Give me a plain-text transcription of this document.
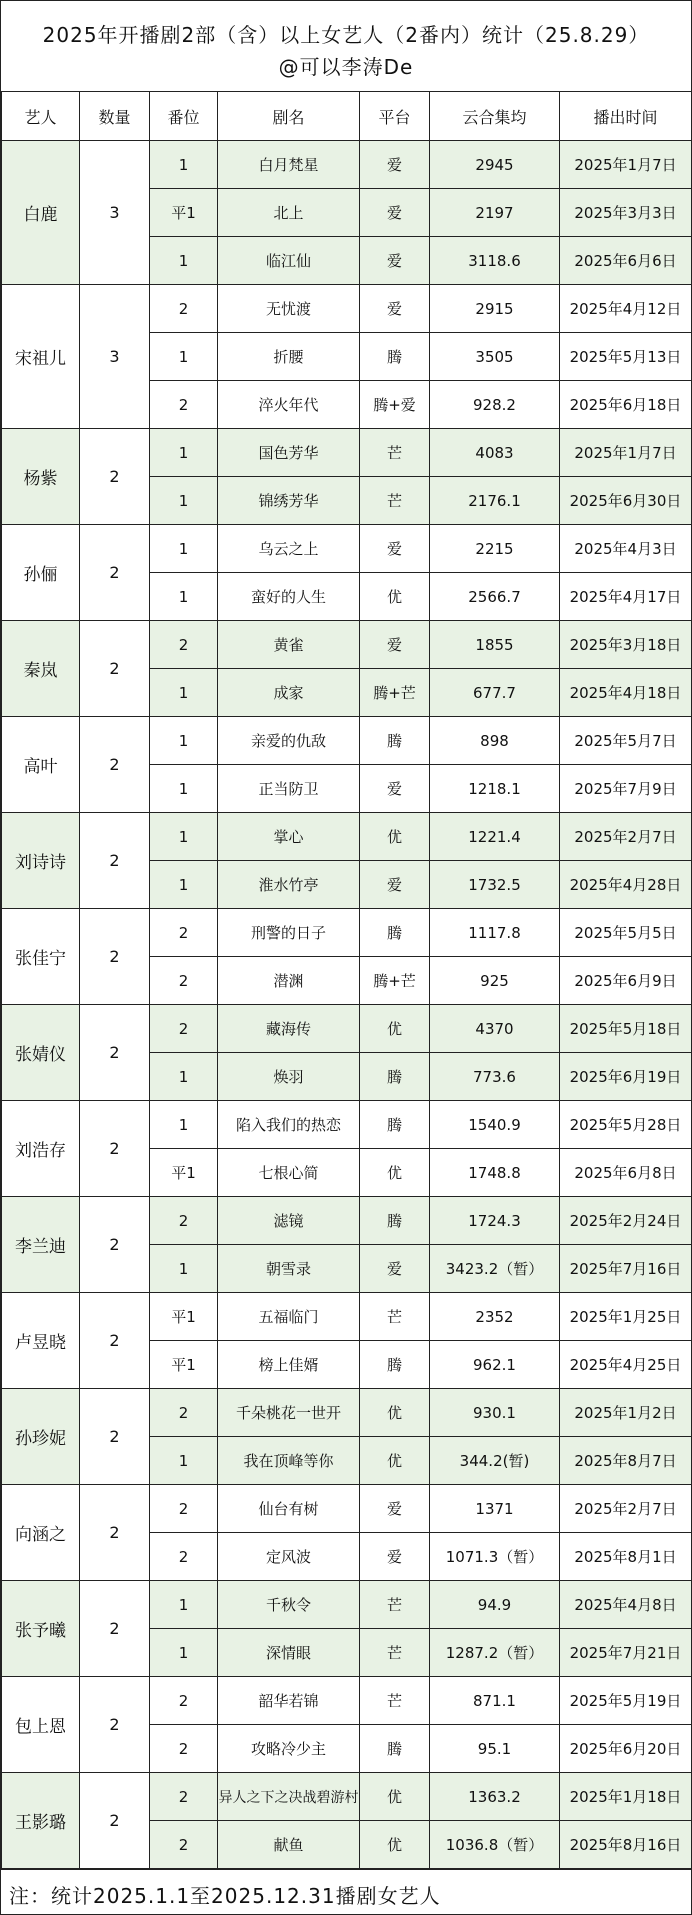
2025年开播剧2部（含）以上女艺人（2番内）统计（25.8.29）
@可以李涛De
艺人	数量	番位	剧名	平台	云合集均	播出时间
白鹿	3	1	白月梵星	爱	2945	2025年1月7日
		平1	北上	爱	2197	2025年3月3日
		1	临江仙	爱	3118.6	2025年6月6日
宋祖儿	3	2	无忧渡	爱	2915	2025年4月12日
		1	折腰	腾	3505	2025年5月13日
		2	淬火年代	腾+爱	928.2	2025年6月18日
杨紫	2	1	国色芳华	芒	4083	2025年1月7日
		1	锦绣芳华	芒	2176.1	2025年6月30日
孙俪	2	1	乌云之上	爱	2215	2025年4月3日
		1	蛮好的人生	优	2566.7	2025年4月17日
秦岚	2	2	黄雀	爱	1855	2025年3月18日
		1	成家	腾+芒	677.7	2025年4月18日
高叶	2	1	亲爱的仇敌	腾	898	2025年5月7日
		1	正当防卫	爱	1218.1	2025年7月9日
刘诗诗	2	1	掌心	优	1221.4	2025年2月7日
		1	淮水竹亭	爱	1732.5	2025年4月28日
张佳宁	2	2	刑警的日子	腾	1117.8	2025年5月5日
		2	潜渊	腾+芒	925	2025年6月9日
张婧仪	2	2	藏海传	优	4370	2025年5月18日
		1	焕羽	腾	773.6	2025年6月19日
刘浩存	2	1	陷入我们的热恋	腾	1540.9	2025年5月28日
		平1	七根心简	优	1748.8	2025年6月8日
李兰迪	2	2	滤镜	腾	1724.3	2025年2月24日
		1	朝雪录	爱	3423.2（暂）	2025年7月16日
卢昱晓	2	平1	五福临门	芒	2352	2025年1月25日
		平1	榜上佳婿	腾	962.1	2025年4月25日
孙珍妮	2	2	千朵桃花一世开	优	930.1	2025年1月2日
		1	我在顶峰等你	优	344.2(暂)	2025年8月7日
向涵之	2	2	仙台有树	爱	1371	2025年2月7日
		2	定风波	爱	1071.3（暂）	2025年8月1日
张予曦	2	1	千秋令	芒	94.9	2025年4月8日
		1	深情眼	芒	1287.2（暂）	2025年7月21日
包上恩	2	2	韶华若锦	芒	871.1	2025年5月19日
		2	攻略冷少主	腾	95.1	2025年6月20日
王影璐	2	2	异人之下之决战碧游村	优	1363.2	2025年1月18日
		2	献鱼	优	1036.8（暂）	2025年8月16日
注：统计2025.1.1至2025.12.31播剧女艺人
